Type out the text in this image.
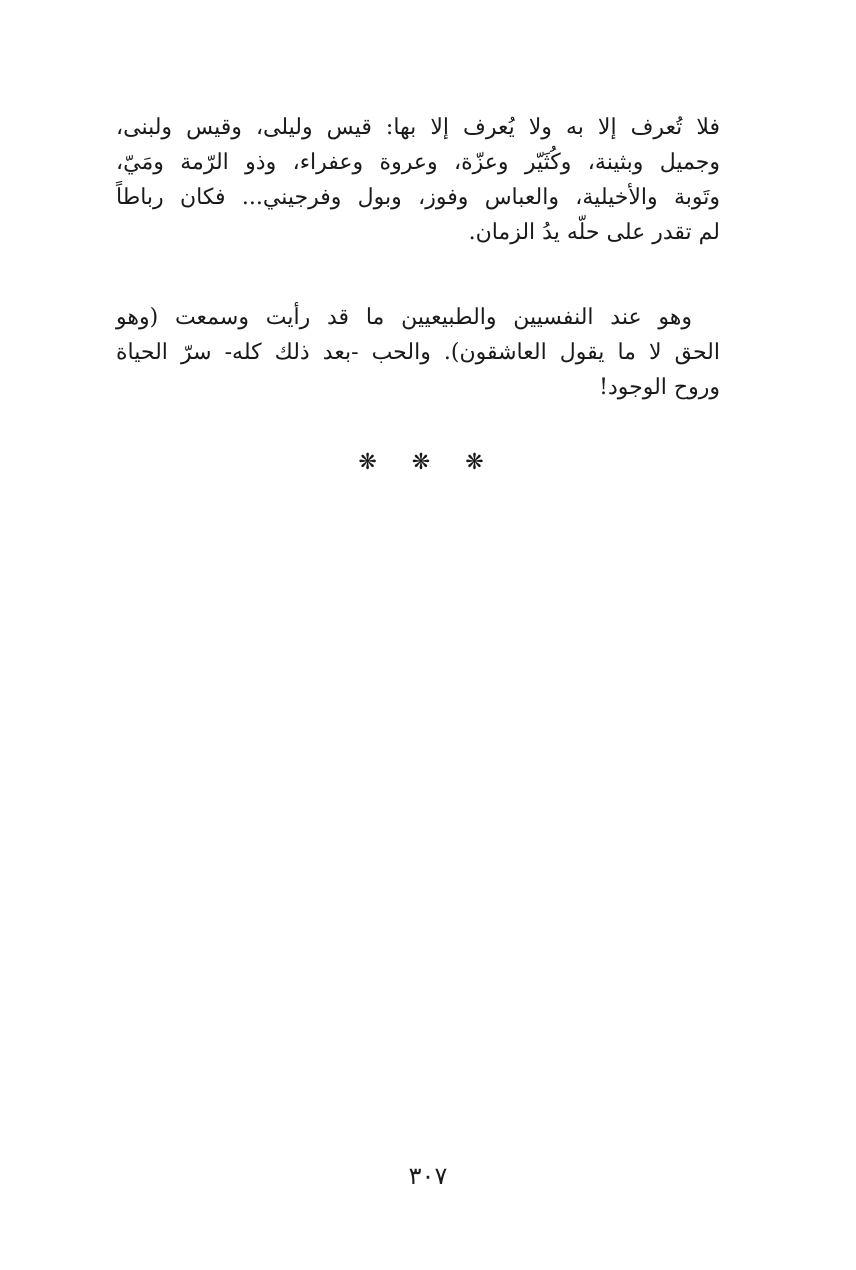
فلا تُعرف إلا به ولا يُعرف إلا بها: قيس وليلى، وقيس ولبنى،
وجميل وبثينة، وكُثَيّر وعزّة، وعروة وعفراء، وذو الرّمة ومَيّ،
وتَوبة والأخيلية، والعباس وفوز، وبول وفرجيني... فكان رباطاً
لم تقدر على حلّه يدُ الزمان.
وهو عند النفسيين والطبيعيين ما قد رأيت وسمعت (وهو
الحق لا ما يقول العاشقون). والحب -بعد ذلك كله- سرّ الحياة
وروح الوجود!
❋ ❋ ❋
٣٠٧
